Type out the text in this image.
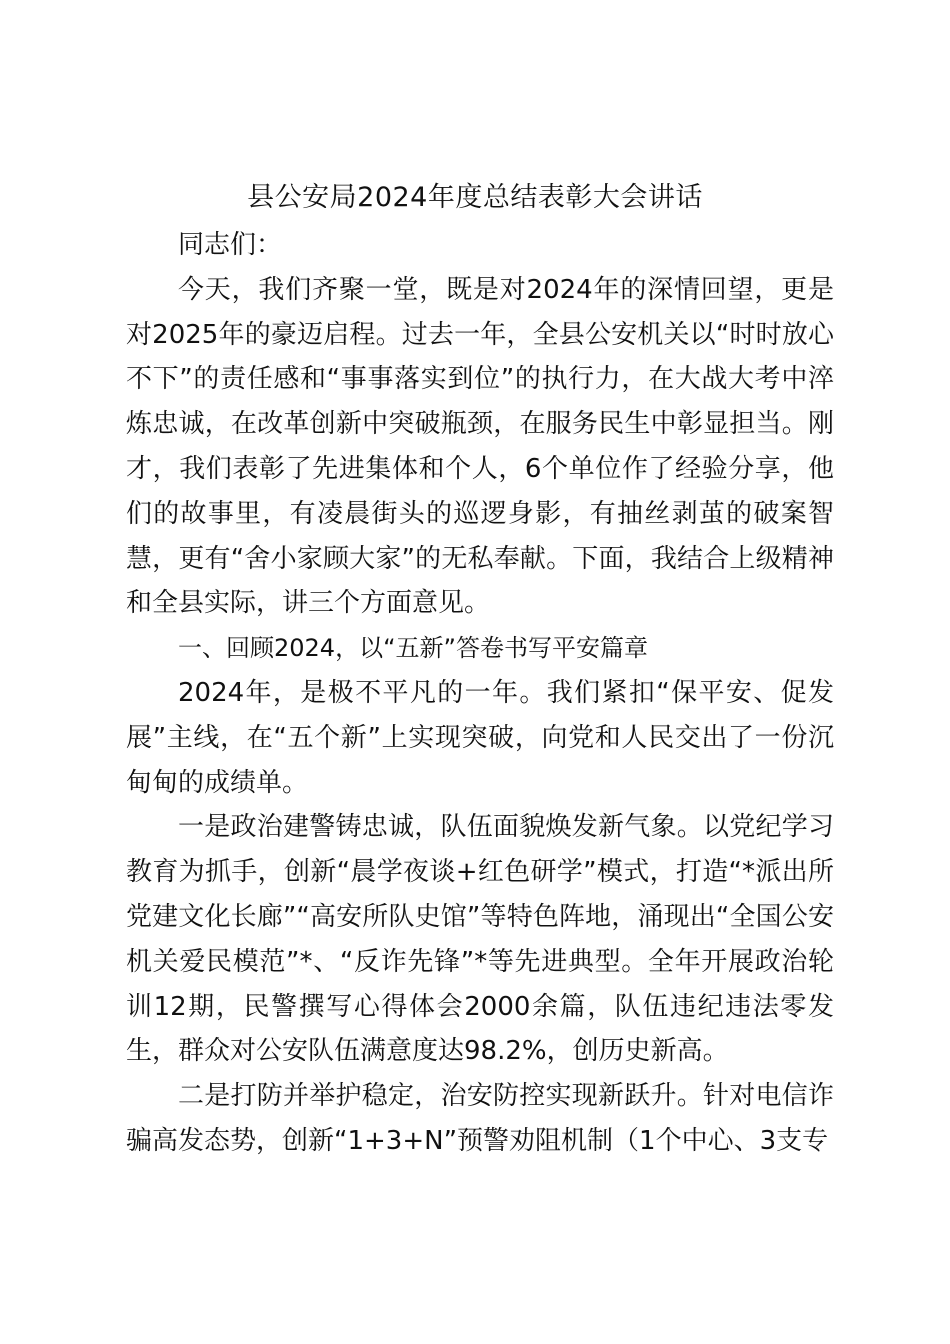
县公安局2024年度总结表彰大会讲话

同志们：

今天，我们齐聚一堂，既是对2024年的深情回望，更是对2025年的豪迈启程。过去一年，全县公安机关以“时时放心不下”的责任感和“事事落实到位”的执行力，在大战大考中淬炼忠诚，在改革创新中突破瓶颈，在服务民生中彰显担当。刚才，我们表彰了先进集体和个人，6个单位作了经验分享，他们的故事里，有凌晨街头的巡逻身影，有抽丝剥茧的破案智慧，更有“舍小家顾大家”的无私奉献。下面，我结合上级精神和全县实际，讲三个方面意见。

一、回顾2024，以“五新”答卷书写平安篇章

2024年，是极不平凡的一年。我们紧扣“保平安、促发展”主线，在“五个新”上实现突破，向党和人民交出了一份沉甸甸的成绩单。

一是政治建警铸忠诚，队伍面貌焕发新气象。以党纪学习教育为抓手，创新“晨学夜谈+红色研学”模式，打造“*派出所党建文化长廊”“高安所队史馆”等特色阵地，涌现出“全国公安机关爱民模范”*、“反诈先锋”*等先进典型。全年开展政治轮训12期，民警撰写心得体会2000余篇，队伍违纪违法零发生，群众对公安队伍满意度达98.2%，创历史新高。

二是打防并举护稳定，治安防控实现新跃升。针对电信诈骗高发态势，创新“1+3+N”预警劝阻机制（1个中心、3支专
